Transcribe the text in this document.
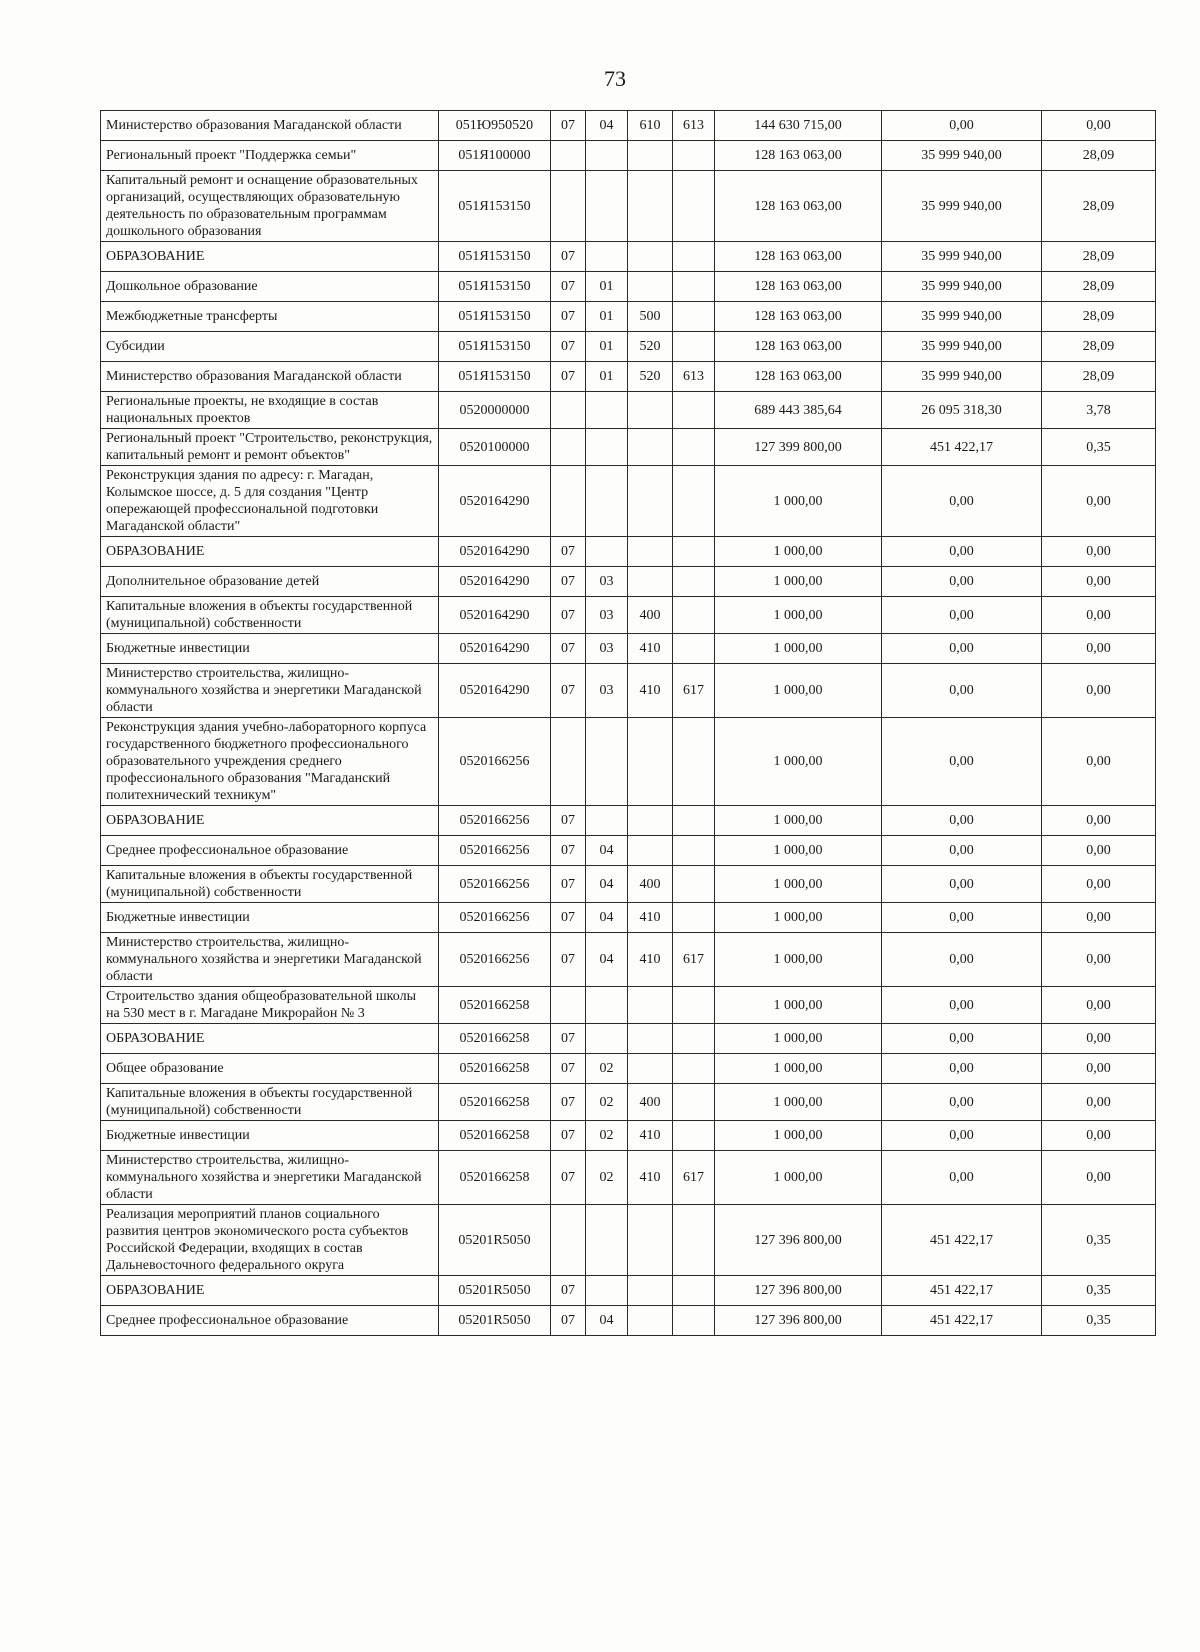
73
Министерство образования Магаданской области	051Ю950520	07	04	610	613	144 630 715,00	0,00	0,00
Региональный проект "Поддержка семьи"	051Я100000					128 163 063,00	35 999 940,00	28,09
Капитальный ремонт и оснащение образовательных организаций, осуществляющих образовательную деятельность по образовательным программам дошкольного образования	051Я153150					128 163 063,00	35 999 940,00	28,09
ОБРАЗОВАНИЕ	051Я153150	07				128 163 063,00	35 999 940,00	28,09
Дошкольное образование	051Я153150	07	01			128 163 063,00	35 999 940,00	28,09
Межбюджетные трансферты	051Я153150	07	01	500		128 163 063,00	35 999 940,00	28,09
Субсидии	051Я153150	07	01	520		128 163 063,00	35 999 940,00	28,09
Министерство образования Магаданской области	051Я153150	07	01	520	613	128 163 063,00	35 999 940,00	28,09
Региональные проекты, не входящие в состав национальных проектов	0520000000					689 443 385,64	26 095 318,30	3,78
Региональный проект "Строительство, реконструкция, капитальный ремонт и ремонт объектов"	0520100000					127 399 800,00	451 422,17	0,35
Реконструкция здания по адресу: г. Магадан, Колымское шоссе, д. 5 для создания "Центр опережающей профессиональной подготовки Магаданской области"	0520164290					1 000,00	0,00	0,00
ОБРАЗОВАНИЕ	0520164290	07				1 000,00	0,00	0,00
Дополнительное образование детей	0520164290	07	03			1 000,00	0,00	0,00
Капитальные вложения в объекты государственной (муниципальной) собственности	0520164290	07	03	400		1 000,00	0,00	0,00
Бюджетные инвестиции	0520164290	07	03	410		1 000,00	0,00	0,00
Министерство строительства, жилищно-коммунального хозяйства и энергетики Магаданской области	0520164290	07	03	410	617	1 000,00	0,00	0,00
Реконструкция здания учебно-лабораторного корпуса государственного бюджетного профессионального образовательного учреждения среднего профессионального образования "Магаданский политехнический техникум"	0520166256					1 000,00	0,00	0,00
ОБРАЗОВАНИЕ	0520166256	07				1 000,00	0,00	0,00
Среднее профессиональное образование	0520166256	07	04			1 000,00	0,00	0,00
Капитальные вложения в объекты государственной (муниципальной) собственности	0520166256	07	04	400		1 000,00	0,00	0,00
Бюджетные инвестиции	0520166256	07	04	410		1 000,00	0,00	0,00
Министерство строительства, жилищно-коммунального хозяйства и энергетики Магаданской области	0520166256	07	04	410	617	1 000,00	0,00	0,00
Строительство здания общеобразовательной школы на 530 мест в г. Магадане Микрорайон № 3	0520166258					1 000,00	0,00	0,00
ОБРАЗОВАНИЕ	0520166258	07				1 000,00	0,00	0,00
Общее образование	0520166258	07	02			1 000,00	0,00	0,00
Капитальные вложения в объекты государственной (муниципальной) собственности	0520166258	07	02	400		1 000,00	0,00	0,00
Бюджетные инвестиции	0520166258	07	02	410		1 000,00	0,00	0,00
Министерство строительства, жилищно-коммунального хозяйства и энергетики Магаданской области	0520166258	07	02	410	617	1 000,00	0,00	0,00
Реализация мероприятий планов социального развития центров экономического роста субъектов Российской Федерации, входящих в состав Дальневосточного федерального округа	05201R5050					127 396 800,00	451 422,17	0,35
ОБРАЗОВАНИЕ	05201R5050	07				127 396 800,00	451 422,17	0,35
Среднее профессиональное образование	05201R5050	07	04			127 396 800,00	451 422,17	0,35
